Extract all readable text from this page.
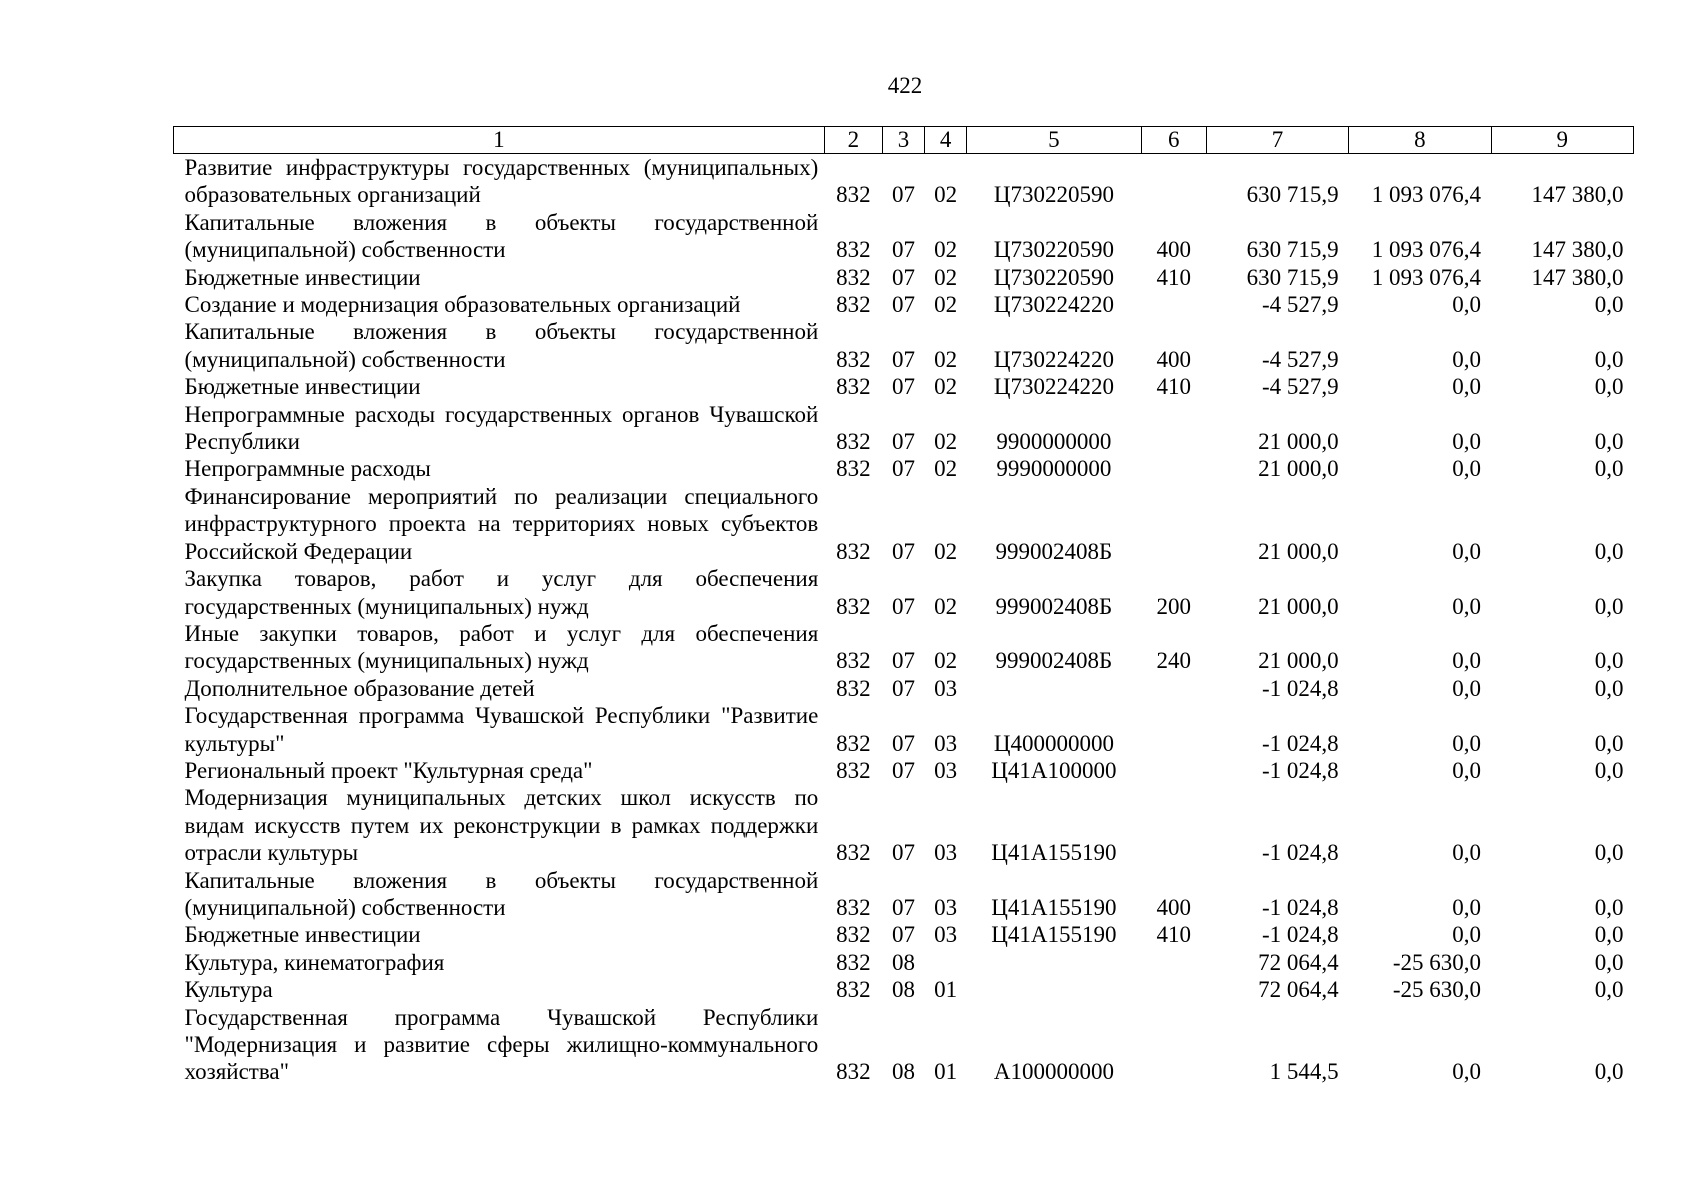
422
1	2	3	4	5	6	7	8	9
Развитие инфраструктуры государственных (муниципальных) образовательных организаций	832	07	02	Ц730220590		630 715,9	1 093 076,4	147 380,0
Капитальные вложения в объекты государственной (муниципальной) собственности	832	07	02	Ц730220590	400	630 715,9	1 093 076,4	147 380,0
Бюджетные инвестиции	832	07	02	Ц730220590	410	630 715,9	1 093 076,4	147 380,0
Создание и модернизация образовательных организаций	832	07	02	Ц730224220		-4 527,9	0,0	0,0
Капитальные вложения в объекты государственной (муниципальной) собственности	832	07	02	Ц730224220	400	-4 527,9	0,0	0,0
Бюджетные инвестиции	832	07	02	Ц730224220	410	-4 527,9	0,0	0,0
Непрограммные расходы государственных органов Чувашской Республики	832	07	02	9900000000		21 000,0	0,0	0,0
Непрограммные расходы	832	07	02	9990000000		21 000,0	0,0	0,0
Финансирование мероприятий по реализации специального инфраструктурного проекта на территориях новых субъектов Российской Федерации	832	07	02	999002408Б		21 000,0	0,0	0,0
Закупка товаров, работ и услуг для обеспечения государственных (муниципальных) нужд	832	07	02	999002408Б	200	21 000,0	0,0	0,0
Иные закупки товаров, работ и услуг для обеспечения государственных (муниципальных) нужд	832	07	02	999002408Б	240	21 000,0	0,0	0,0
Дополнительное образование детей	832	07	03			-1 024,8	0,0	0,0
Государственная программа Чувашской Республики "Развитие культуры"	832	07	03	Ц400000000		-1 024,8	0,0	0,0
Региональный проект "Культурная среда"	832	07	03	Ц41А100000		-1 024,8	0,0	0,0
Модернизация муниципальных детских школ искусств по видам искусств путем их реконструкции в рамках поддержки отрасли культуры	832	07	03	Ц41А155190		-1 024,8	0,0	0,0
Капитальные вложения в объекты государственной (муниципальной) собственности	832	07	03	Ц41А155190	400	-1 024,8	0,0	0,0
Бюджетные инвестиции	832	07	03	Ц41А155190	410	-1 024,8	0,0	0,0
Культура, кинематография	832	08				72 064,4	-25 630,0	0,0
Культура	832	08	01			72 064,4	-25 630,0	0,0
Государственная программа Чувашской Республики "Модернизация и развитие сферы жилищно-коммунального хозяйства"	832	08	01	А100000000		1 544,5	0,0	0,0
